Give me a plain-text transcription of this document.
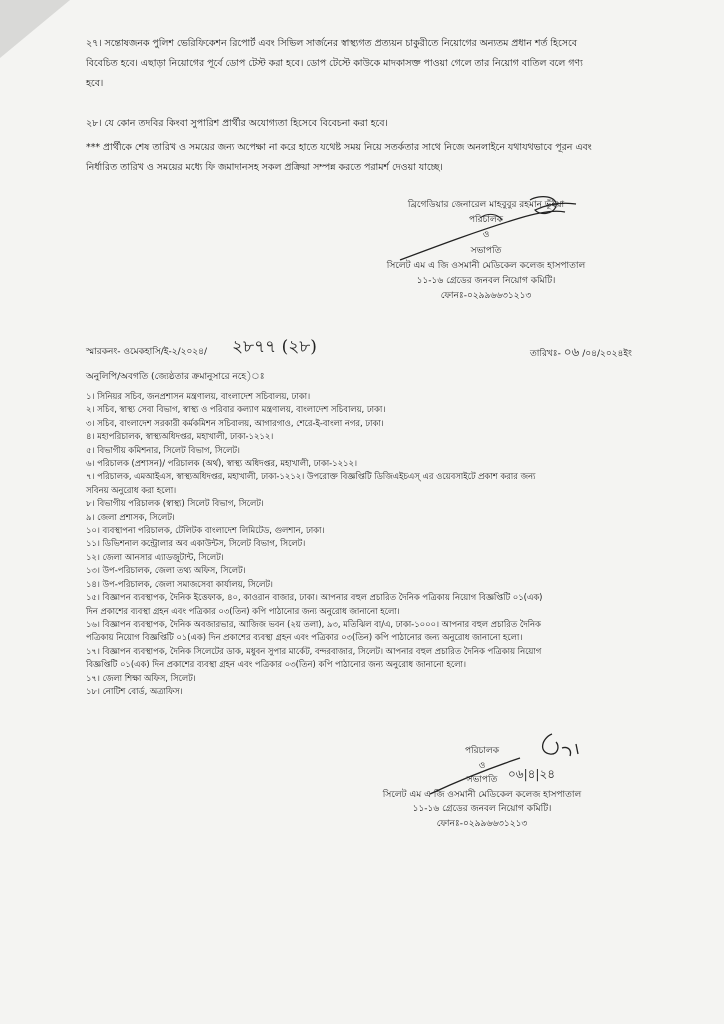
২৭। সন্তোষজনক পুলিশ ভেরিফিকেশন রিপোর্ট এবং সিভিল সার্জনের স্বাস্থ্যগত প্রত্যয়ন চাকুরীতে নিয়োগের অন্যতম প্রধান শর্ত হিসেবে
বিবেচিত হবে। এছাড়া নিয়োগের পূর্বে ডোপ টেস্ট করা হবে। ডোপ টেস্টে কাউকে মাদকাসক্ত পাওয়া গেলে তার নিয়োগ বাতিল বলে গণ্য
হবে।
২৮। যে কোন তদবির কিংবা সুপারিশ প্রার্থীর অযোগ্যতা হিসেবে বিবেচনা করা হবে।
*** প্রার্থীকে শেষ তারিখ ও সময়ের জন্য অপেক্ষা না করে হাতে যথেষ্ট সময় নিয়ে সতর্কতার সাথে নিজে অনলাইনে যথাযথভাবে পূরন এবং
নির্ধারিত তারিখ ও সময়ের মধ্যে ফি জমাদানসহ সকল প্রক্রিয়া সম্পন্ন করতে পরামর্শ দেওয়া যাচ্ছে।
ব্রিগেডিয়ার জেনারেল মাহবুবুর রহমান ভূঁইয়া
পরিচালক
ও
সভাপতি
সিলেট এম এ জি ওসমানী মেডিকেল কলেজ হাসপাতাল
১১-১৬ গ্রেডের জনবল নিয়োগ কমিটি।
ফোনঃ-০২৯৯৬৬৩১২১৩
স্মারকনং- ওমেকহাসি/ই-২/২০২৪/ ২৮৭৭ (২৮)	তারিখঃ- ০৬ /০৪/২০২৪ইং
অনুলিপি/অবগতি (জ্যেষ্ঠতার ক্রমানুসারে নহে)ঃ
১। সিনিয়র সচিব, জনপ্রশাসন মন্ত্রণালয়, বাংলাদেশ সচিবালয়, ঢাকা।
২। সচিব, স্বাস্থ্য সেবা বিভাগ, স্বাস্থ্য ও পরিবার কল্যাণ মন্ত্রণালয়, বাংলাদেশ সচিবালয়, ঢাকা।
৩। সচিব, বাংলাদেশ সরকারী কর্মকমিশন সচিবালয়, আগারগাও, শেরে-ই-বাংলা নগর, ঢাকা।
৪। মহাপরিচালক, স্বাস্থ্যঅধিদপ্তর, মহাখালী, ঢাকা-১২১২।
৫। বিভাগীয় কমিশনার, সিলেট বিভাগ, সিলেট।
৬। পরিচালক (প্রশাসন)/ পরিচালক (অর্থ), স্বাস্থ্য অধিদপ্তর, মহাখালী, ঢাকা-১২১২।
৭। পরিচালক, এমআইএস, স্বাস্থ্যঅধিদপ্তর, মহাখালী, ঢাকা-১২১২। উপরোক্ত বিজ্ঞপ্তিটি ডিজিএইচএস্ এর ওয়েবসাইটে প্রকাশ করার জন্য
সবিনয় অনুরোধ করা হলো।
৮। বিভাগীয় পরিচালক (স্বাস্থ্য) সিলেট বিভাগ, সিলেট।
৯। জেলা প্রশাসক, সিলেট।
১০। ব্যবস্থাপনা পরিচালক, টেলিটক বাংলাদেশ লিমিটেড, গুলশান, ঢাকা।
১১। ডিভিশনাল কন্ট্রোলার অব একাউন্টস, সিলেট বিভাগ, সিলেট।
১২। জেলা আনসার এ্যাডজুটান্ট, সিলেট।
১৩। উপ-পরিচালক, জেলা তথ্য অফিস, সিলেট।
১৪। উপ-পরিচালক, জেলা সমাজসেবা কার্যালয়, সিলেট।
১৫। বিজ্ঞাপন ব্যবস্থাপক, দৈনিক ইত্তেফাক, ৪০, কাওরান বাজার, ঢাকা। আপনার বহুল প্রচারিত দৈনিক পত্রিকায় নিয়োগ বিজ্ঞপ্তিটি ০১(এক)
দিন প্রকাশের ব্যবস্থা গ্রহন এবং পত্রিকার ০৩(তিন) কপি পাঠানোর জন্য অনুরোধ জানানো হলো।
১৬। বিজ্ঞাপন ব্যবস্থাপক, দৈনিক অবজারভার, আজিজ ভবন (২য় তলা), ৯৩, মতিঝিল বা/এ, ঢাকা-১০০০। আপনার বহুল প্রচারিত দৈনিক
পত্রিকায় নিয়োগ বিজ্ঞপ্তিটি ০১(এক) দিন প্রকাশের ব্যবস্থা গ্রহন এবং পত্রিকার ০৩(তিন) কপি পাঠানোর জন্য অনুরোধ জানানো হলো।
১৭। বিজ্ঞাপন ব্যবস্থাপক, দৈনিক সিলেটের ডাক, মধুবন সুপার মার্কেট, বন্দরবাজার, সিলেট। আপনার বহুল প্রচারিত দৈনিক পত্রিকায় নিয়োগ
বিজ্ঞপ্তিটি ০১(এক) দিন প্রকাশের ব্যবস্থা গ্রহন এবং পত্রিকার ০৩(তিন) কপি পাঠানোর জন্য অনুরোধ জানানো হলো।
১৭। জেলা শিক্ষা অফিস, সিলেট।
১৮। নোটিশ বোর্ড, অত্রাফিস।
পরিচালক
ও
সভাপতি
সিলেট এম এ জি ওসমানী মেডিকেল কলেজ হাসপাতাল
১১-১৬ গ্রেডের জনবল নিয়োগ কমিটি।
ফোনঃ-০২৯৯৬৬৩১২১৩
০৬|৪|২৪
